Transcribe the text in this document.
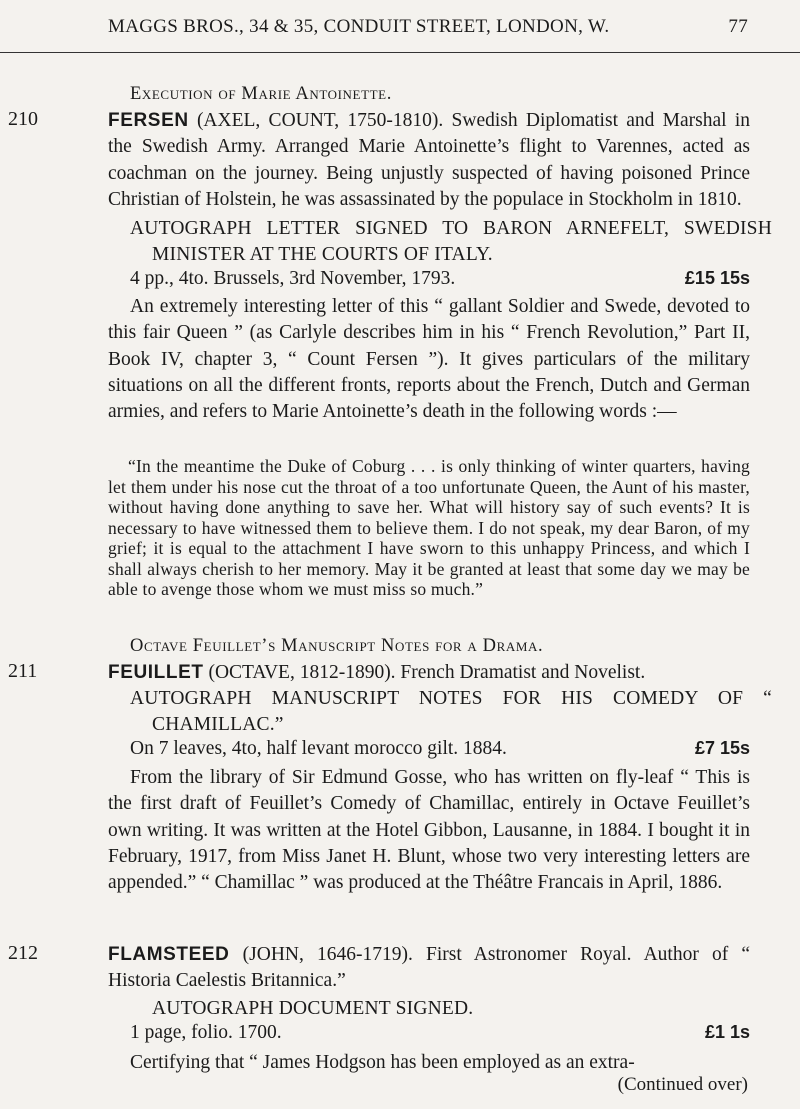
MAGGS BROS., 34 & 35, CONDUIT STREET, LONDON, W.	77
Execution of Marie Antoinette.
210	FERSEN (AXEL, COUNT, 1750-1810). Swedish Diplomatist and Marshal in the Swedish Army. Arranged Marie Antoinette’s flight to Varennes, acted as coachman on the journey. Being unjustly suspected of having poisoned Prince Christian of Holstein, he was assassinated by the populace in Stockholm in 1810.
AUTOGRAPH LETTER SIGNED TO BARON ARNEFELT, SWEDISH MINISTER AT THE COURTS OF ITALY.
4 pp., 4to. Brussels, 3rd November, 1793.	£15 15s
An extremely interesting letter of this “ gallant Soldier and Swede, devoted to this fair Queen ” (as Carlyle describes him in his “ French Revolution,” Part II, Book IV, chapter 3, “ Count Fersen ”). It gives particulars of the military situations on all the different fronts, reports about the French, Dutch and German armies, and refers to Marie Antoinette’s death in the following words :—
“In the meantime the Duke of Coburg . . . is only thinking of winter quarters, having let them under his nose cut the throat of a too unfortunate Queen, the Aunt of his master, without having done anything to save her. What will history say of such events? It is necessary to have witnessed them to believe them. I do not speak, my dear Baron, of my grief; it is equal to the attachment I have sworn to this unhappy Princess, and which I shall always cherish to her memory. May it be granted at least that some day we may be able to avenge those whom we must miss so much.”
Octave Feuillet’s Manuscript Notes for a Drama.
211	FEUILLET (OCTAVE, 1812-1890). French Dramatist and Novelist.
AUTOGRAPH MANUSCRIPT NOTES FOR HIS COMEDY OF “ CHAMILLAC.”
On 7 leaves, 4to, half levant morocco gilt. 1884.	£7 15s
From the library of Sir Edmund Gosse, who has written on fly-leaf “ This is the first draft of Feuillet’s Comedy of Chamillac, entirely in Octave Feuillet’s own writing. It was written at the Hotel Gibbon, Lausanne, in 1884. I bought it in February, 1917, from Miss Janet H. Blunt, whose two very interesting letters are appended.” “ Chamillac ” was produced at the Théâtre Francais in April, 1886.
212	FLAMSTEED (JOHN, 1646-1719). First Astronomer Royal. Author of “ Historia Caelestis Britannica.”
AUTOGRAPH DOCUMENT SIGNED.
1 page, folio. 1700.	£1 1s
Certifying that “ James Hodgson has been employed as an extra-
(Continued over)
